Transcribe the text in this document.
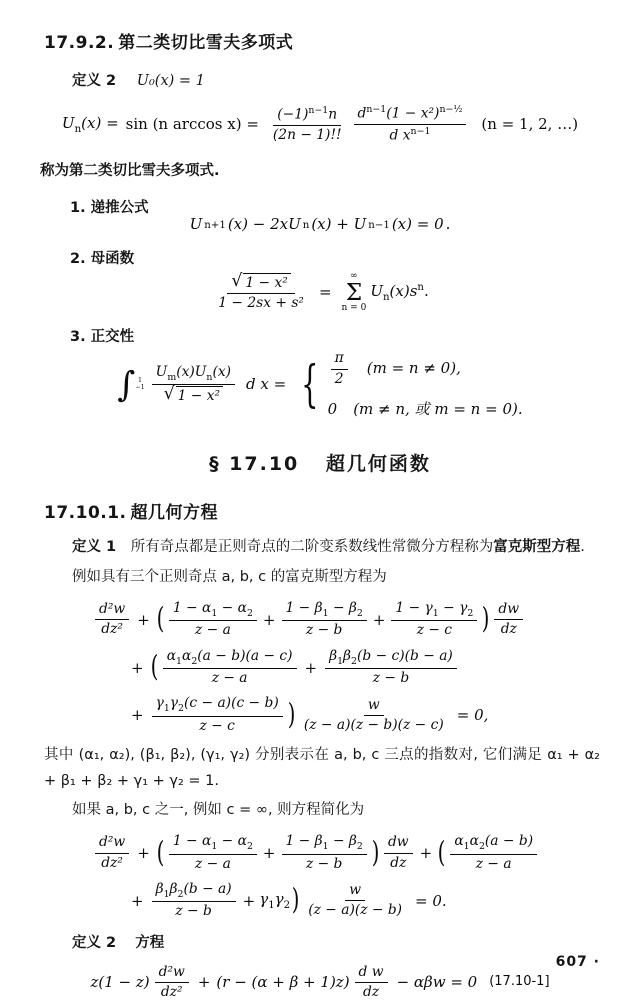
17.9.2. 第二类切比雪夫多项式
定义 2 U₀(x) = 1
$U_n(x) = \sin (n$ $\arccos x) = \frac{(-1)^{n-1}n}{(2n - 1)!!} \frac{d^{n-1}(1 - x^2)^{n-\frac{1}{2}}}{d x^{n-1}} (n = 1$, 2, …)
称为第二类切比雪夫多项式.
1. 递推公式
U n+1 (x) − 2xU n (x) + U n−1 (x) = 0 .
2. 母函数
$\frac{\text{√ 1 − x²}}{\text{1 − 2sx + s²}}$ =
∞
Σ
n = 0
$U_n(x)s^n$.
3. 正交性
∫ 1
$-1 \frac{U_m(x)U_n(x)}{\text{√ 1 − x²}}$ d x = { $\frac{\pi}{2} (m = n \ne 0)$,
0 (m ≠ n, 或 m = n = 0).
§ 17.10 超几何函数
17.10.1. 超几何方程
定义 1 所有奇点都是正则奇点的二阶变系数线性常微分方程称为富克斯型方程.
例如具有三个正则奇点 a, b, c 的富克斯型方程为
$\frac{\text{d²w}}{\text{dz²}}$ + ( $\frac{1 - \alpha_1 - \alpha_2}{z - a} + \frac{1 - \beta_1 - \beta_2}{z - b} + \frac{1 - \gamma_1 - \gamma_2}{z - c}$ ) $\frac{dw}{dz}$
+ ( $\frac{\alpha_1\alpha_2(a - b)(a - c)}{z - a} + \frac{\beta_1\beta_2(b - c)(b - a)}{z - b}$
+ $\frac{\gamma_1\gamma_2(c - a)(c - b)}{z - c}$ ) $\frac{w}{(z - a)(z - b)(z - c)} = 0$,
其中 (α₁, α₂), (β₁, β₂), (γ₁, γ₂) 分别表示在 a, b, c 三点的指数对, 它们满足 α₁ + α₂ + β₁ + β₂ + γ₁ + γ₂ = 1.
如果 a, b, c 之一, 例如 c = ∞, 则方程简化为
$\frac{\text{d²w}}{\text{dz²}}$ + ( $\frac{1 - \alpha_1 - \alpha_2}{z - a} + \frac{1 - \beta_1 - \beta_2}{z - b}$ ) $\frac{dw}{dz}$ + ( $\frac{\alpha_1\alpha_2(a - b)}{z - a}$
+ $\frac{\beta_1\beta_2(b - a)}{z - b} + \gamma_1\gamma_2$ ) $\frac{w}{(z - a)(z - b)} = 0$.
定义 2 方程
$z(1 - z) \frac{\text{d²w}}{\text{dz²}} + (r - (\alpha + \beta + 1)z) \frac{\text{d w}}{dz} - \alpha\beta w = 0$ (17.10-1]
607 ·
